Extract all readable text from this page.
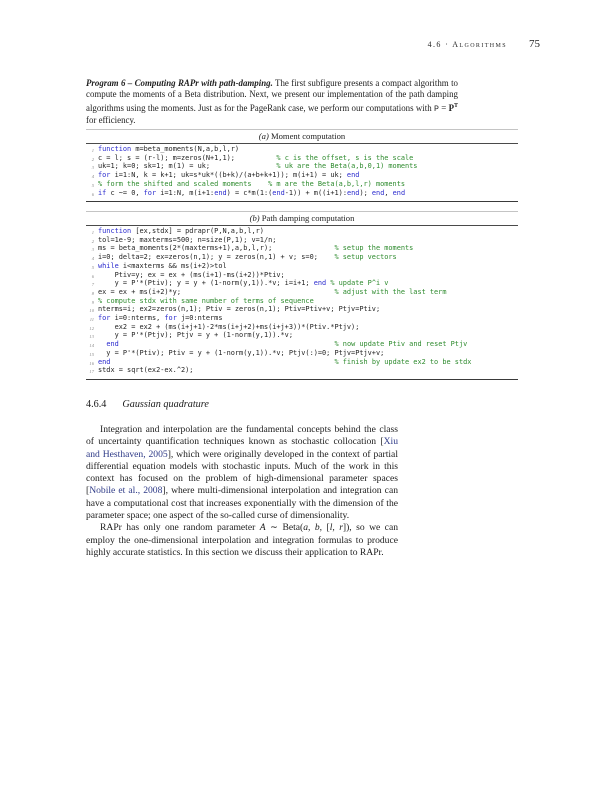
4.6 · Algorithms 75
Program 6 – Computing RAPr with path-damping. The first subfigure presents a compact algorithm to compute the moments of a Beta distribution. Next, we present our implementation of the path damping algorithms using the moments. Just as for the PageRank case, we perform our computations with $P = P^T$ for efficiency.
(a) Moment computation
1 function m=beta_moments(N,a,b,l,r)
2 c = l; s = (r-l); m=zeros(N+1,1);          % c is the offset, s is the scale
3 uk=1; k=0; sk=1; m(1) = uk;                % uk are the Beta(a,b,0,1) moments
4 for i=1:N, k = k+1; uk=s*uk*((b+k)/(a+b+k+1)); m(i+1) = uk; end
5 % form the shifted and scaled moments    % m are the Beta(a,b,l,r) moments
6 if c ~= 0, for i=1:N, m(i+1:end) = c*m(1:(end-1)) + m((i+1):end); end, end
(b) Path damping computation
1 function [ex,stdx] = pdrapr(P,N,a,b,l,r)
2 tol=1e-9; maxterms=500; n=size(P,1); v=1/n;
3 ms = beta_moments(2*(maxterms+1),a,b,l,r);               % setup the moments
4 i=0; delta=2; ex=zeros(n,1); y = zeros(n,1) + v; s=0;    % setup vectors
5 while i<maxterms && ms(i+2)>tol
6 Ptiv=y; ex = ex + (ms(i+1)-ms(i+2))*Ptiv;
7 y = P'*(Ptiv); y = y + (1-norm(y,1)).*v; i=i+1; end % update P^i v
8 ex = ex + ms(i+2)*y;                                     % adjust with the last term
9 % compute stdx with same number of terms of sequence
10 nterms=i; ex2=zeros(n,1); Ptiv = zeros(n,1); Ptiv=Ptiv+v; Ptjv=Ptiv;
11 for i=0:nterms, for j=0:nterms
12 ex2 = ex2 + (ms(i+j+1)-2*ms(i+j+2)+ms(i+j+3))*(Ptiv.*Ptjv);
13 y = P'*(Ptjv); Ptjv = y + (1-norm(y,1)).*v;
14	end	% now update Ptiv and reset Ptjv
15 y = P'*(Ptiv); Ptiv = y + (1-norm(y,1)).*v; Ptjv(:)=0; Ptjv=Ptjv+v;
16 end	% finish by update ex2 to be stdx
17 stdx = sqrt(ex2-ex.^2);
4.6.4 Gaussian quadrature

Integration and interpolation are the fundamental concepts behind the class of uncertainty quantification techniques known as stochastic collocation [Xiu and Hesthaven, 2005], which were originally developed in the context of partial differential equation models with stochastic inputs. Much of the work in this context has focused on the problem of high-dimensional parameter spaces [Nobile et al., 2008], where multi-dimensional interpolation and integration can have a computational cost that increases exponentially with the dimension of the parameter space; one aspect of the so-called curse of dimensionality.

RAPr has only one random parameter A ∼ Beta(a, b, [l, r]), so we can employ the one-dimensional interpolation and integration formulas to produce highly accurate statistics. In this section we discuss their application to RAPr.
